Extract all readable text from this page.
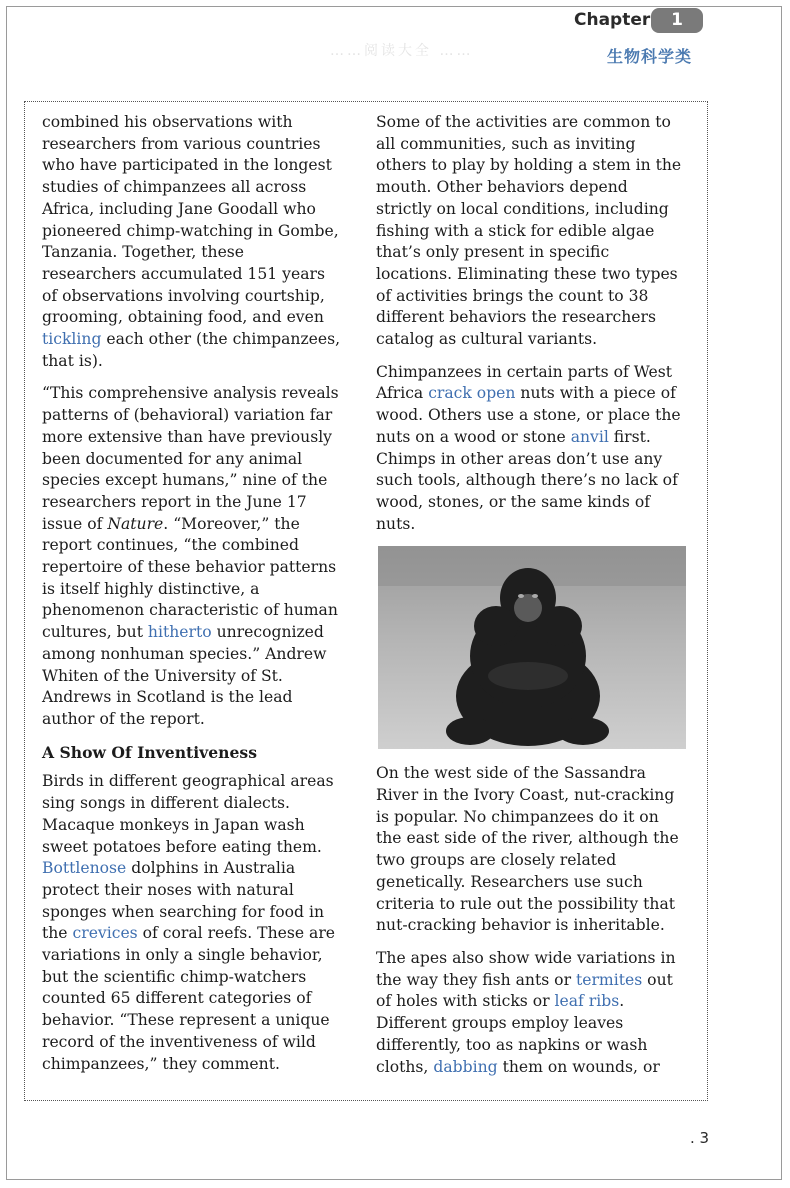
……阅读大全 ……
Chapter	1
生物科学类

combined his observations with researchers from various countries who have participated in the longest studies of chimpanzees all across Africa, including Jane Goodall who pioneered chimp-watching in Gombe, Tanzania. Together, these researchers accumulated 151 years of observations involving courtship, grooming, obtaining food, and even tickling each other (the chimpanzees, that is).

“This comprehensive analysis reveals patterns of (behavioral) variation far more extensive than have previously been documented for any animal species except humans,” nine of the researchers report in the June 17 issue of Nature. “Moreover,” the report continues, “the combined repertoire of these behavior patterns is itself highly distinctive, a phenomenon characteristic of human cultures, but hitherto unrecognized among nonhuman species.” Andrew Whiten of the University of St. Andrews in Scotland is the lead author of the report.

A Show Of Inventiveness

Birds in different geographical areas sing songs in different dialects. Macaque monkeys in Japan wash sweet potatoes before eating them. Bottlenose dolphins in Australia protect their noses with natural sponges when searching for food in the crevices of coral reefs. These are variations in only a single behavior, but the scientific chimp-watchers counted 65 different categories of behavior. “These represent a unique record of the inventiveness of wild chimpanzees,” they comment.

Some of the activities are common to all communities, such as inviting others to play by holding a stem in the mouth. Other behaviors depend strictly on local conditions, including fishing with a stick for edible algae that’s only present in specific locations. Eliminating these two types of activities brings the count to 38 different behaviors the researchers catalog as cultural variants.

Chimpanzees in certain parts of West Africa crack open nuts with a piece of wood. Others use a stone, or place the nuts on a wood or stone anvil first. Chimps in other areas don’t use any such tools, although there’s no lack of wood, stones, or the same kinds of nuts.

On the west side of the Sassandra River in the Ivory Coast, nut-cracking is popular. No chimpanzees do it on the east side of the river, although the two groups are closely related genetically. Researchers use such criteria to rule out the possibility that nut-cracking behavior is inheritable.

The apes also show wide variations in the way they fish ants or termites out of holes with sticks or leaf ribs. Different groups employ leaves differently, too as napkins or wash cloths, dabbing them on wounds, or

. 3
